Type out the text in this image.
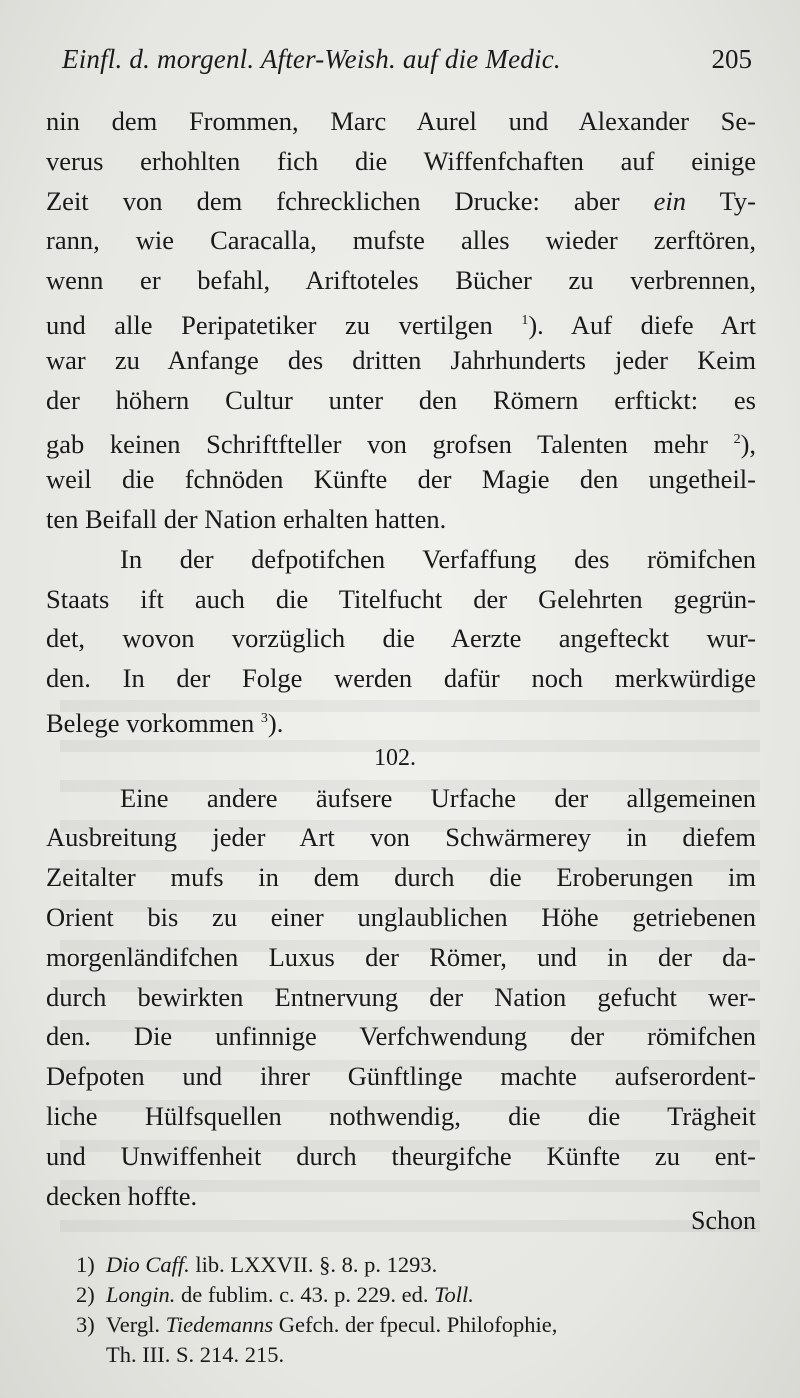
Einfl. d. morgenl. After-Weish. auf die Medic.	205
nin dem Frommen, Marc Aurel und Alexander Se-
verus erhohlten fich die Wiffenfchaften auf einige
Zeit von dem fchrecklichen Drucke: aber ein Ty-
rann, wie Caracalla, mufste alles wieder zerftören,
wenn er befahl, Ariftoteles Bücher zu verbrennen,
und alle Peripatetiker zu vertilgen $^1$). Auf diefe Art
war zu Anfange des dritten Jahrhunderts jeder Keim
der höhern Cultur unter den Römern erftickt: es
gab keinen Schriftfteller von grofsen Talenten mehr $^2$),
weil die fchnöden Künfte der Magie den ungetheil-
ten Beifall der Nation erhalten hatten.
In der defpotifchen Verfaffung des römifchen
Staats ift auch die Titelfucht der Gelehrten gegrün-
det, wovon vorzüglich die Aerzte angefteckt wur-
den. In der Folge werden dafür noch merkwürdige
Belege vorkommen $^3$).
102.
Eine andere äufsere Urfache der allgemeinen
Ausbreitung jeder Art von Schwärmerey in diefem
Zeitalter mufs in dem durch die Eroberungen im
Orient bis zu einer unglaublichen Höhe getriebenen
morgenländifchen Luxus der Römer, und in der da-
durch bewirkten Entnervung der Nation gefucht wer-
den. Die unfinnige Verfchwendung der römifchen
Defpoten und ihrer Günftlinge machte aufserordent-
liche Hülfsquellen nothwendig, die die Trägheit
und Unwiffenheit durch theurgifche Künfte zu ent-
decken hoffte.
Schon
1) Dio Caff. lib. LXXVII. §. 8. p. 1293.
2) Longin. de fublim. c. 43. p. 229. ed. Toll.
3) Vergl. Tiedemanns Gefch. der fpecul. Philofophie,
Th. III. S. 214. 215.
